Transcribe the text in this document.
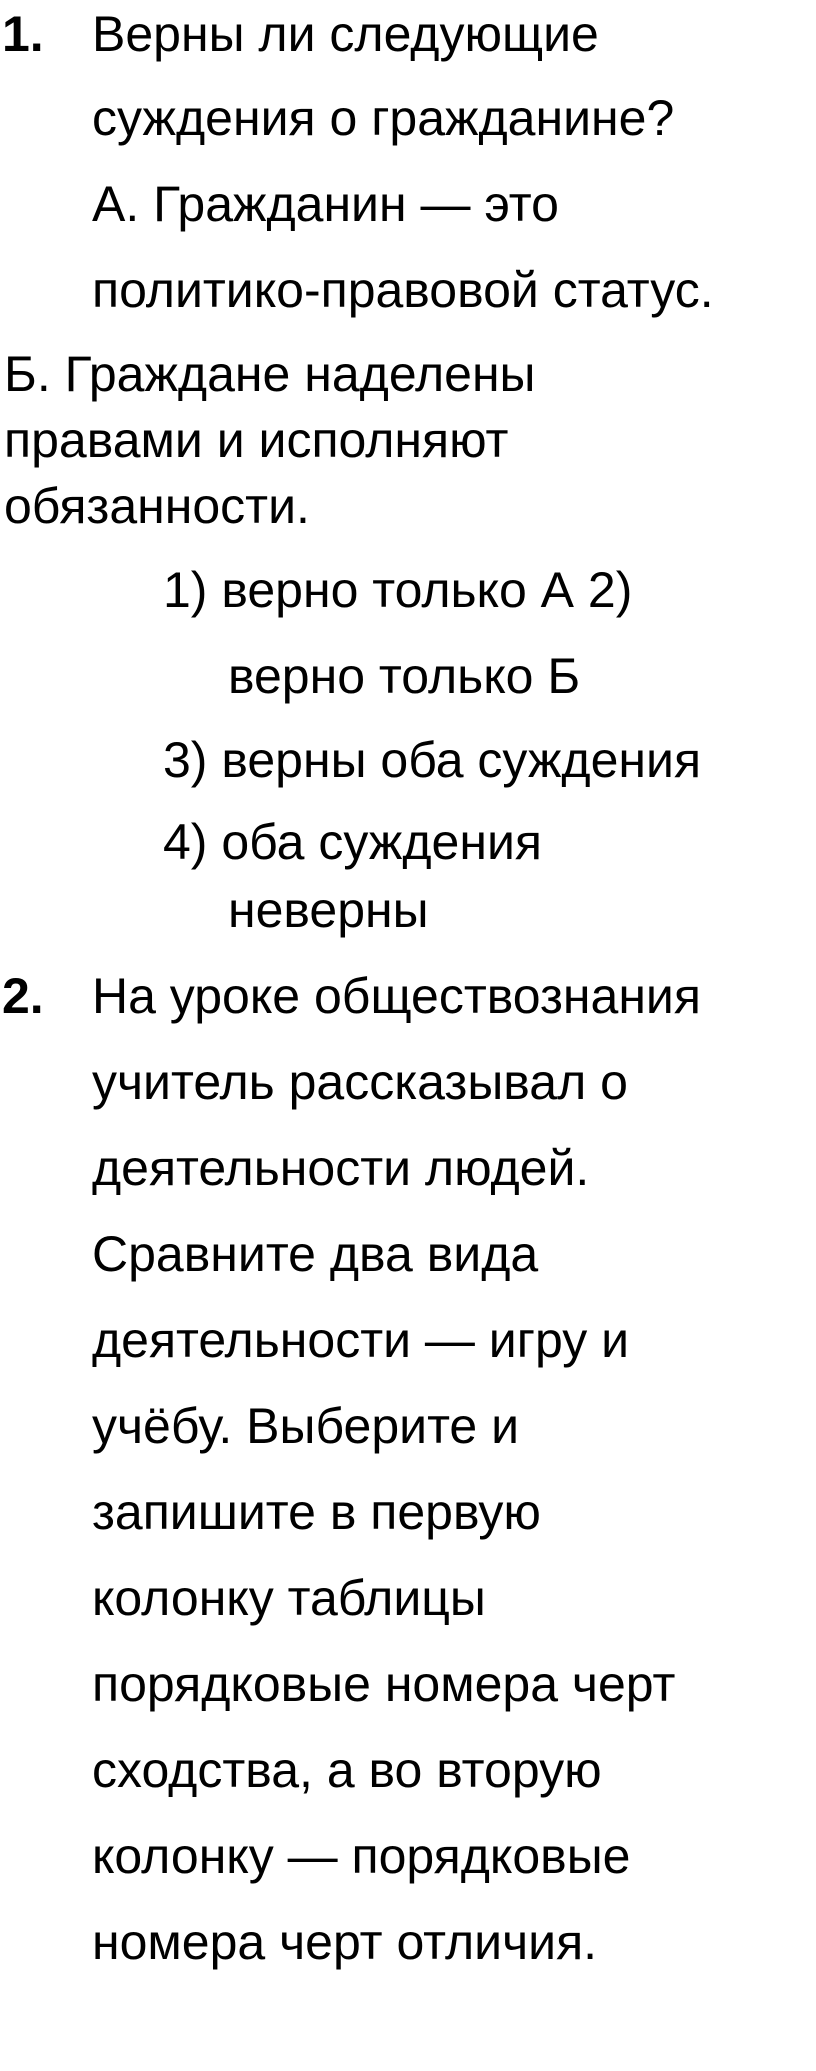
1. Верны ли следующие
суждения о гражданине?
А. Гражданин — это
политико-правовой статус.
Б. Граждане наделены
правами и исполняют
обязанности.
1) верно только А 2)
верно только Б
3) верны оба суждения
4) оба суждения
неверны
2. На уроке обществознания
учитель рассказывал о
деятельности людей.
Сравните два вида
деятельности — игру и
учёбу. Выберите и
запишите в первую
колонку таблицы
порядковые номера черт
сходства, а во вторую
колонку — порядковые
номера черт отличия.
